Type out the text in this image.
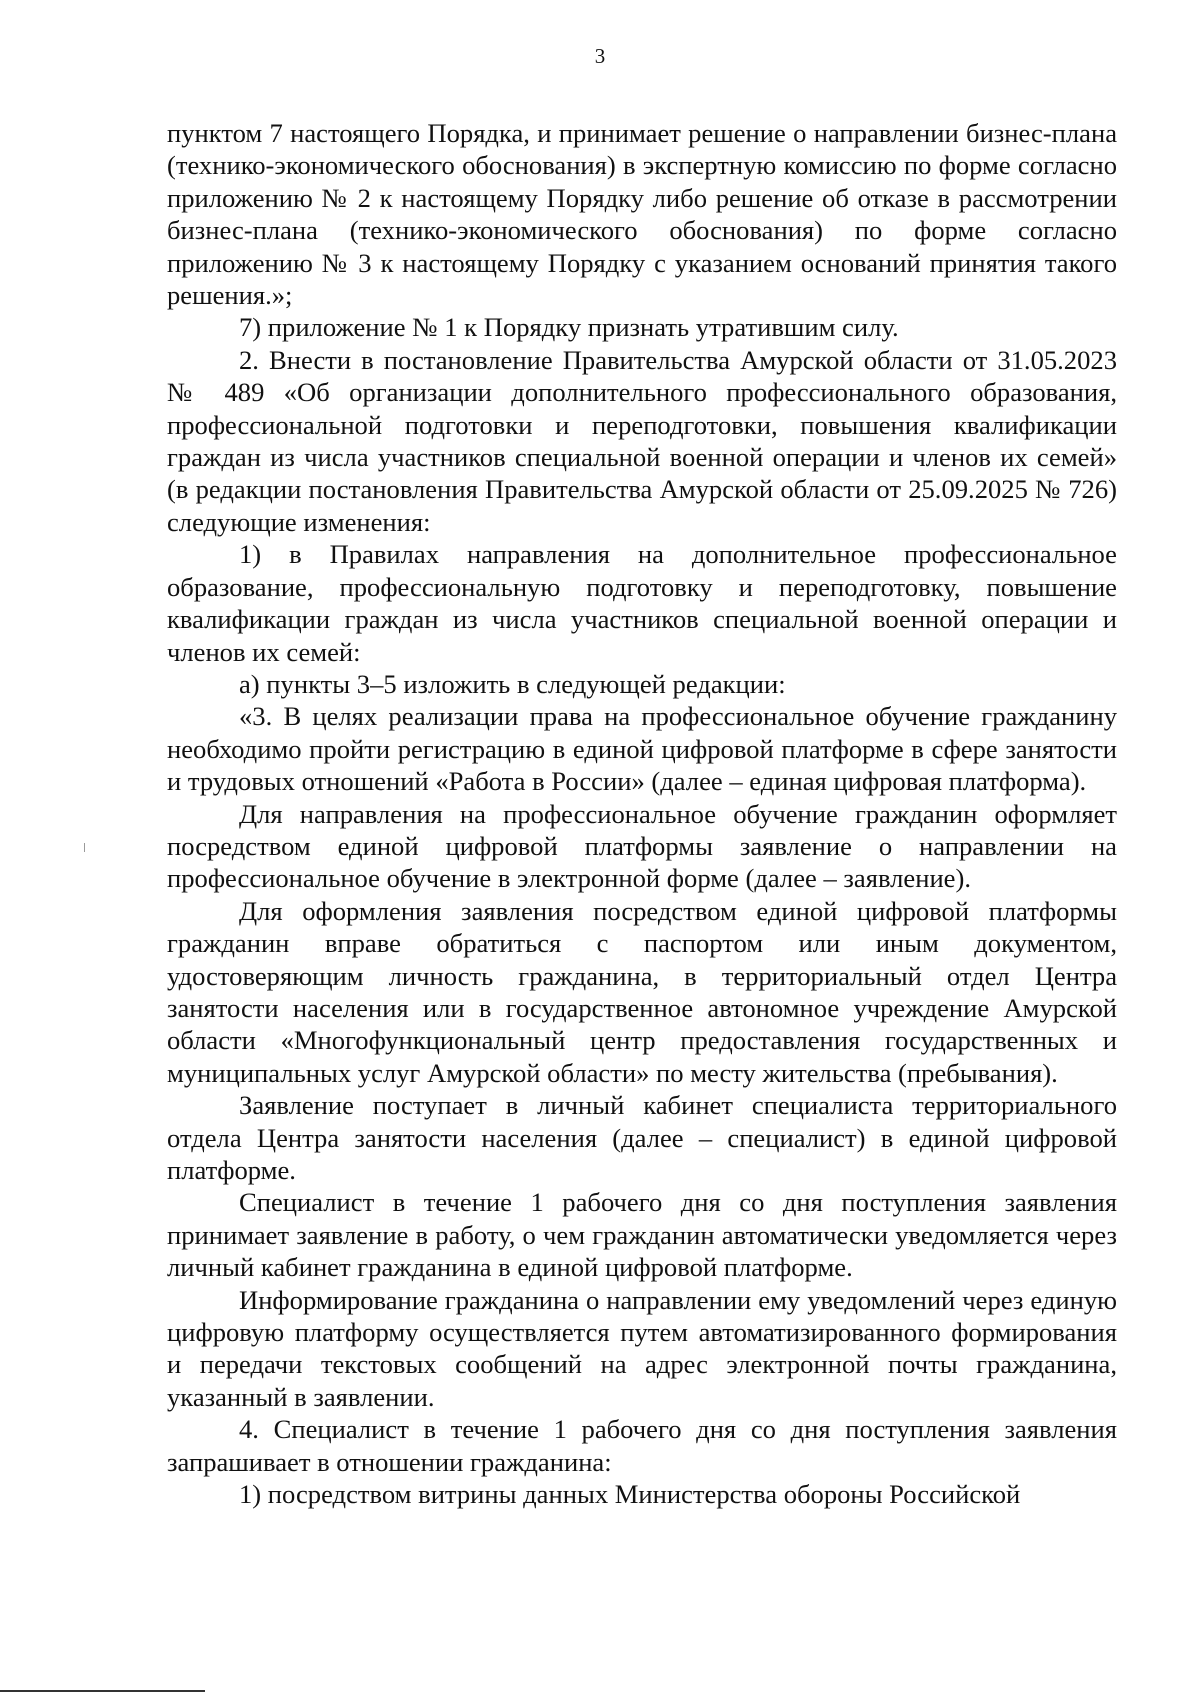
3

пунктом 7 настоящего Порядка, и принимает решение о направлении бизнес-плана (технико-экономического обоснования) в экспертную комиссию по форме согласно приложению № 2 к настоящему Порядку либо решение об отказе в рассмотрении бизнес-плана (технико-экономического обоснования) по форме согласно приложению № 3 к настоящему Порядку с указанием оснований принятия такого решения.»;

7) приложение № 1 к Порядку признать утратившим силу.

2. Внести в постановление Правительства Амурской области от 31.05.2023 № 489 «Об организации дополнительного профессионального образования, профессиональной подготовки и переподготовки, повышения квалификации граждан из числа участников специальной военной операции и членов их семей» (в редакции постановления Правительства Амурской области от 25.09.2025 № 726) следующие изменения:

1) в Правилах направления на дополнительное профессиональное образование, профессиональную подготовку и переподготовку, повышение квалификации граждан из числа участников специальной военной операции и членов их семей:

а) пункты 3–5 изложить в следующей редакции:

«3. В целях реализации права на профессиональное обучение гражданину необходимо пройти регистрацию в единой цифровой платформе в сфере занятости и трудовых отношений «Работа в России» (далее – единая цифровая платформа).

Для направления на профессиональное обучение гражданин оформляет посредством единой цифровой платформы заявление о направлении на профессиональное обучение в электронной форме (далее – заявление).

Для оформления заявления посредством единой цифровой платформы гражданин вправе обратиться с паспортом или иным документом, удостоверяющим личность гражданина, в территориальный отдел Центра занятости населения или в государственное автономное учреждение Амурской области «Многофункциональный центр предоставления государственных и муниципальных услуг Амурской области» по месту жительства (пребывания).

Заявление поступает в личный кабинет специалиста территориального отдела Центра занятости населения (далее – специалист) в единой цифровой платформе.

Специалист в течение 1 рабочего дня со дня поступления заявления принимает заявление в работу, о чем гражданин автоматически уведомляется через личный кабинет гражданина в единой цифровой платформе.

Информирование гражданина о направлении ему уведомлений через единую цифровую платформу осуществляется путем автоматизированного формирования и передачи текстовых сообщений на адрес электронной почты гражданина, указанный в заявлении.

4. Специалист в течение 1 рабочего дня со дня поступления заявления запрашивает в отношении гражданина:

1) посредством витрины данных Министерства обороны Российской
